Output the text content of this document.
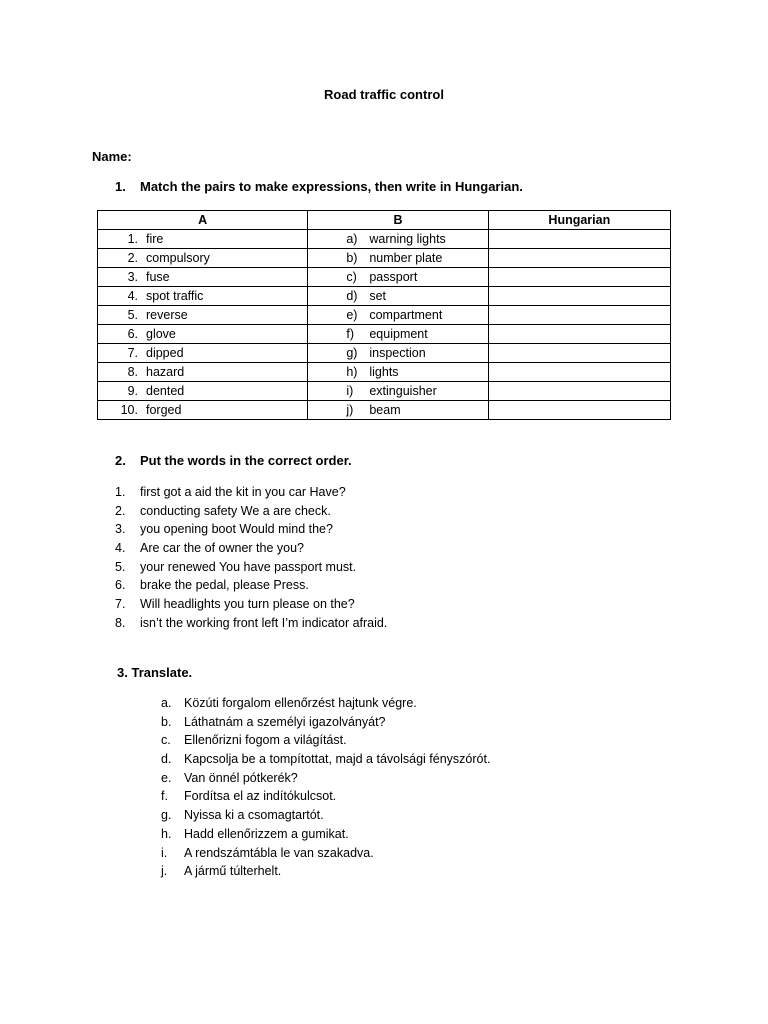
Road traffic control
Name:
1. Match the pairs to make expressions, then write in Hungarian.
A	B	Hungarian
1. fire	a) warning lights	
2. compulsory	b) number plate	
3. fuse	c) passport	
4. spot traffic	d) set	
5. reverse	e) compartment	
6. glove	f) equipment	
7. dipped	g) inspection	
8. hazard	h) lights	
9. dented	i) extinguisher	
10. forged	j) beam	
2. Put the words in the correct order.
1. first got a aid the kit in you car Have?
2. conducting safety We a are check.
3. you opening boot Would mind the?
4. Are car the of owner the you?
5. your renewed You have passport must.
6. brake the pedal, please Press.
7. Will headlights you turn please on the?
8. isn’t the working front left I’m indicator afraid.
3. Translate.
a. Közúti forgalom ellenőrzést hajtunk végre.
b. Láthatnám a személyi igazolványát?
c. Ellenőrizni fogom a világítást.
d. Kapcsolja be a tompítottat, majd a távolsági fényszórót.
e. Van önnél pótkerék?
f. Fordítsa el az indítókulcsot.
g. Nyissa ki a csomagtartót.
h. Hadd ellenőrizzem a gumikat.
i. A rendszámtábla le van szakadva.
j. A jármű túlterhelt.
